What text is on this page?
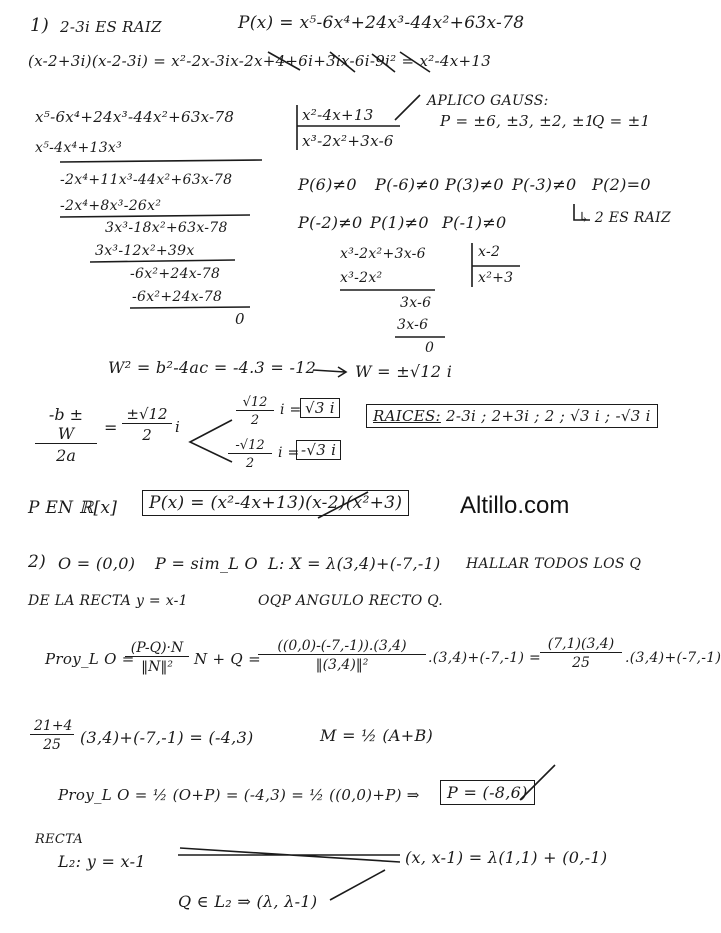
Altillo.com
1) 2-3i ES RAIZ	P(x) = x⁵-6x⁴+24x³-44x²+63x-78
(x-2+3i)(x-2-3i) = x²-2x-3ix-2x+4+6i+3ix-6i-9i² = x²-4x+13
x⁵-6x⁴+24x³-44x²+63x-78	x²-4x+13
x³-2x²+3x-6
x⁵-4x⁴+13x³
-2x⁴+11x³-44x²+63x-78
-2x⁴+8x³-26x²
3x³-18x²+63x-78
3x³-12x²+39x
-6x²+24x-78
-6x²+24x-78
0
APLICO GAUSS:
P = ±6, ±3, ±2, ±1
Q = ±1
P(6)≠0 P(-6)≠0 P(3)≠0 P(-3)≠0 P(2)=0
P(-2)≠0 P(1)≠0 P(-1)≠0	↳ 2 ES RAIZ
x³-2x²+3x-6	x-2
x²+3
x³-2x²
3x-6
3x-6
0
W² = b²-4ac = -4.3 = -12 W = ±√12 i
$\frac{-b \pm W}{2a} = \frac{\pm√12}{2}$ i	$\frac{√12}{2}$ i = √3 i
$\frac{-√12}{2}$ i = -√3 i
RAICES: 2-3i ; 2+3i ; 2 ; √3 i ; -√3 i
P EN ℝ[x]	P(x) = (x²-4x+13)(x-2)(x²+3)
2) O = (0,0) P = sim_L O L: X = λ(3,4)+(-7,-1) HALLAR TODOS LOS Q
DE LA RECTA y = x-1	OQP ANGULO RECTO Q.
Proy_L O =
$\frac{(P-Q)\cdot N}{\text{‖N‖²}}$ N + Q =
$\frac{((0,0)-(-7,-1)).(3,4)}{\text{‖(3,4)‖²}} .(3,4)+(-7,-1) = \frac{(7,1)(3,4)}{25} .(3,4)+(-7,-1)$
$\frac{21+4}{25} (3,4)+(-7,-1) = (-4,3)$	M = ½ (A+B)
Proy_L O = ½ (O+P) = (-4,3) = ½ ((0,0)+P) ⇒	P = (-8,6)
RECTA
L₂: y = x-1	(x, x-1) = λ(1,1) + (0,-1)
Q ∈ L₂ ⇒ (λ, λ-1)
